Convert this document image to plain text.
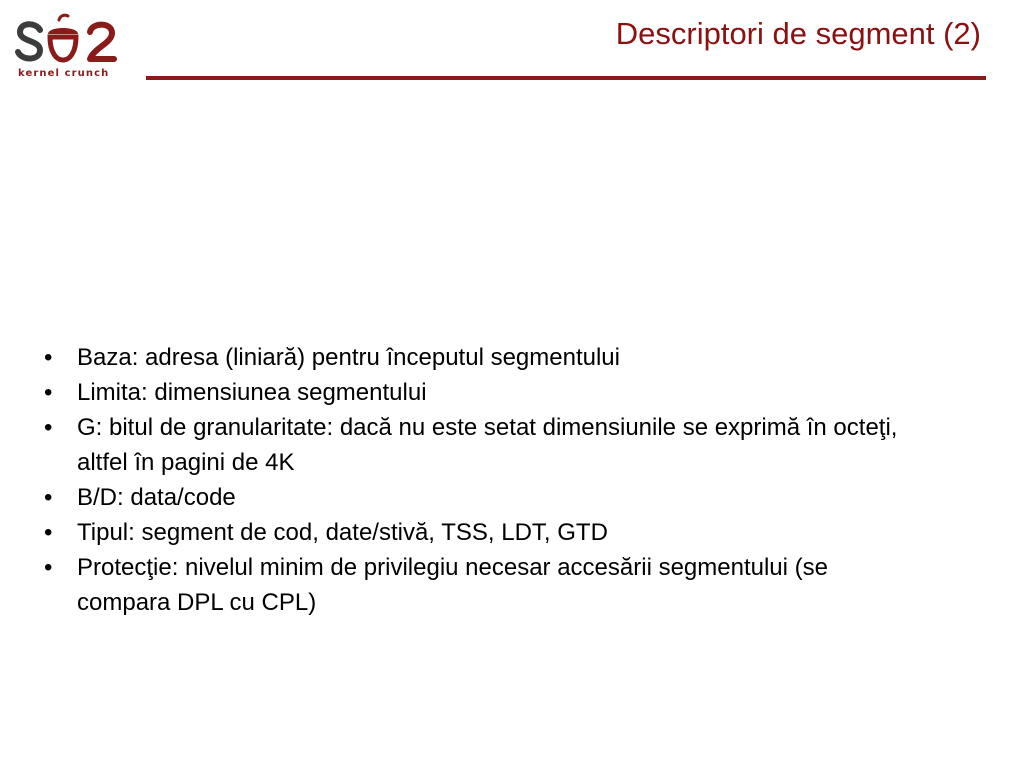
kernel crunch
Descriptori de segment (2)
• Baza: adresa (liniară) pentru începutul segmentului
• Limita: dimensiunea segmentului
• G: bitul de granularitate: dacă nu este setat dimensiunile se exprimă în octeţi, altfel în pagini de 4K
• B/D: data/code
• Tipul: segment de cod, date/stivă, TSS, LDT, GTD
• Protecţie: nivelul minim de privilegiu necesar accesării segmentului (se compara DPL cu CPL)
